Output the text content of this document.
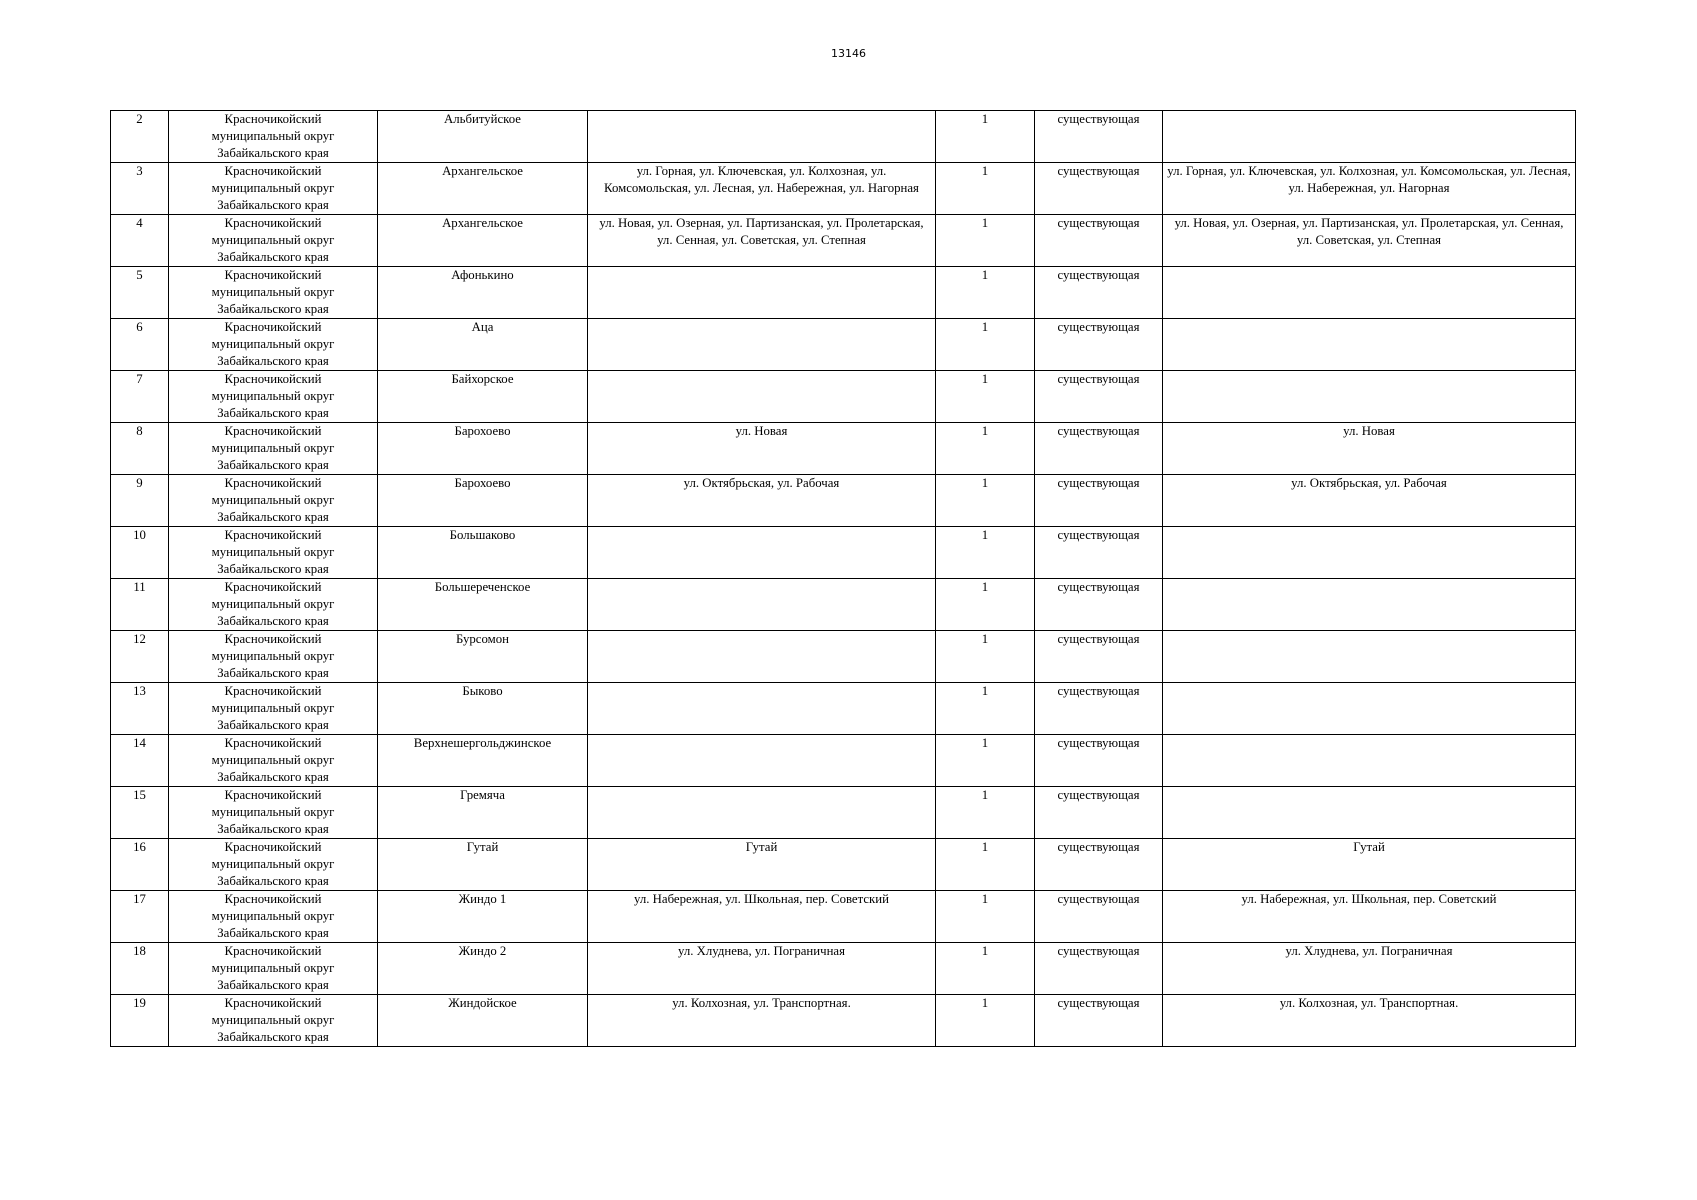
13146
2	Красночикойский
муниципальный округ
Забайкальского края	Альбитуйское		1	существующая	
3	Красночикойский
муниципальный округ
Забайкальского края	Архангельское	ул. Горная, ул. Ключевская, ул. Колхозная, ул. Комсомольская, ул. Лесная, ул. Набережная, ул. Нагорная	1	существующая	ул. Горная, ул. Ключевская, ул. Колхозная, ул. Комсомольская, ул. Лесная, ул. Набережная, ул. Нагорная
4	Красночикойский
муниципальный округ
Забайкальского края	Архангельское	ул. Новая, ул. Озерная, ул. Партизанская, ул. Пролетарская, ул. Сенная, ул. Советская, ул. Степная	1	существующая	ул. Новая, ул. Озерная, ул. Партизанская, ул. Пролетарская, ул. Сенная, ул. Советская, ул. Степная
5	Красночикойский
муниципальный округ
Забайкальского края	Афонькино		1	существующая	
6	Красночикойский
муниципальный округ
Забайкальского края	Аца		1	существующая	
7	Красночикойский
муниципальный округ
Забайкальского края	Байхорское		1	существующая	
8	Красночикойский
муниципальный округ
Забайкальского края	Барохоево	ул. Новая	1	существующая	ул. Новая
9	Красночикойский
муниципальный округ
Забайкальского края	Барохоево	ул. Октябрьская, ул. Рабочая	1	существующая	ул. Октябрьская, ул. Рабочая
10	Красночикойский
муниципальный округ
Забайкальского края	Большаково		1	существующая	
11	Красночикойский
муниципальный округ
Забайкальского края	Большереченское		1	существующая	
12	Красночикойский
муниципальный округ
Забайкальского края	Бурсомон		1	существующая	
13	Красночикойский
муниципальный округ
Забайкальского края	Быково		1	существующая	
14	Красночикойский
муниципальный округ
Забайкальского края	Верхнешергольджинское		1	существующая	
15	Красночикойский
муниципальный округ
Забайкальского края	Гремяча		1	существующая	
16	Красночикойский
муниципальный округ
Забайкальского края	Гутай	Гутай	1	существующая	Гутай
17	Красночикойский
муниципальный округ
Забайкальского края	Жиндо 1	ул. Набережная, ул. Школьная, пер. Советский	1	существующая	ул. Набережная, ул. Школьная, пер. Советский
18	Красночикойский
муниципальный округ
Забайкальского края	Жиндо 2	ул. Хлуднева, ул. Пограничная	1	существующая	ул. Хлуднева, ул. Пограничная
19	Красночикойский
муниципальный округ
Забайкальского края	Жиндойское	ул. Колхозная, ул. Транспортная.	1	существующая	ул. Колхозная, ул. Транспортная.
